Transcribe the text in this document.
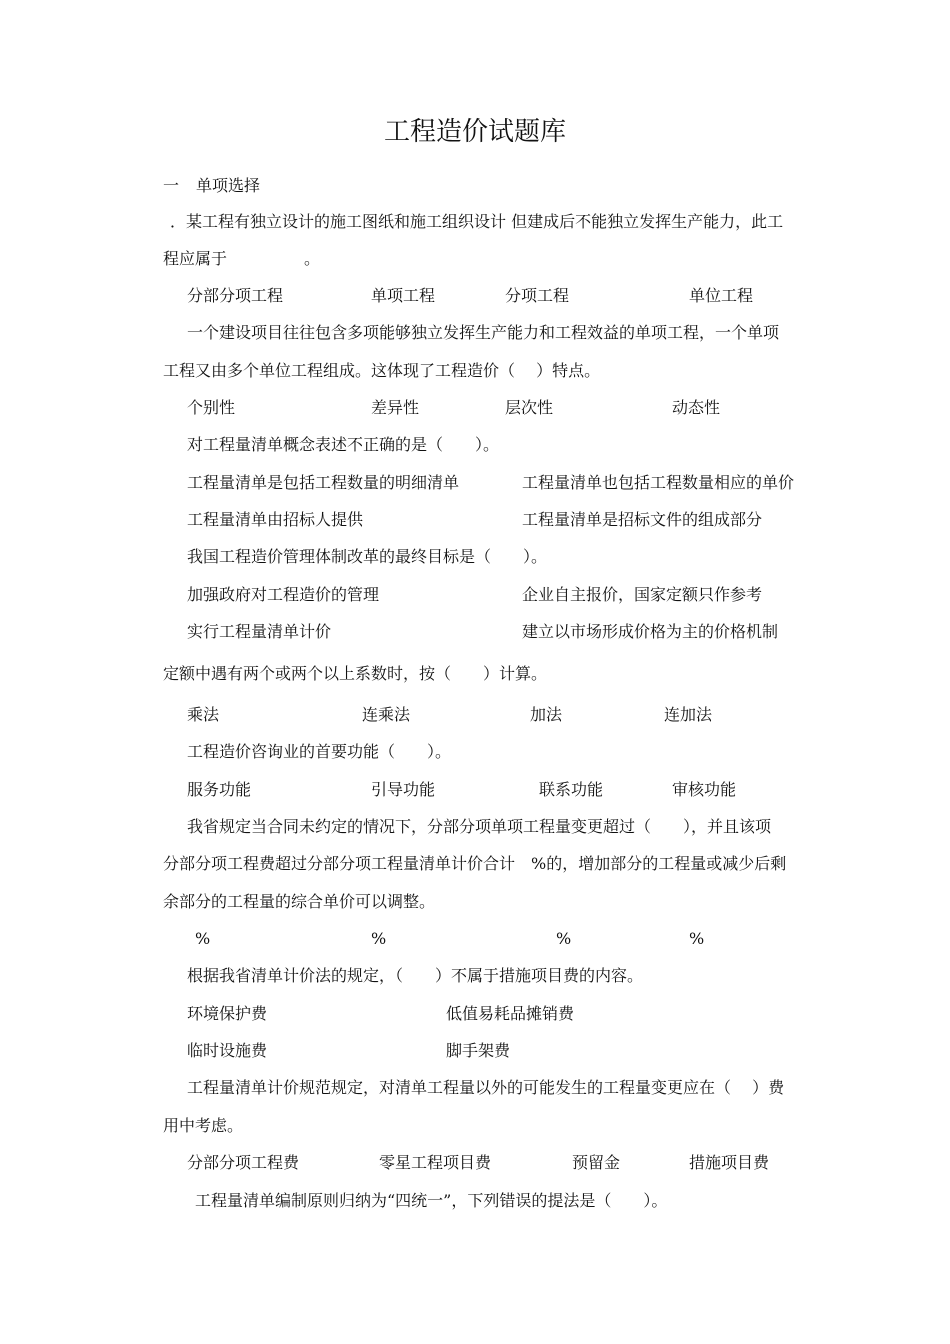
工程造价试题库
一 单项选择
．某工程有独立设计的施工图纸和施工组织设计 但建成后不能独立发挥生产能力，此工
程应属于	。
分部分项工程	单项工程	分项工程	单位工程
一个建设项目往往包含多项能够独立发挥生产能力和工程效益的单项工程，一个单项
工程又由多个单位工程组成。这体现了工程造价（　 ）特点。
个别性	差异性	层次性	动态性
对工程量清单概念表述不正确的是（　　）。
工程量清单是包括工程数量的明细清单	工程量清单也包括工程数量相应的单价
工程量清单由招标人提供	工程量清单是招标文件的组成部分
我国工程造价管理体制改革的最终目标是（　　）。
加强政府对工程造价的管理	企业自主报价，国家定额只作参考
实行工程量清单计价	建立以市场形成价格为主的价格机制
定额中遇有两个或两个以上系数时，按（　　）计算。
乘法	连乘法	加法	连加法
工程造价咨询业的首要功能（　　）。
服务功能	引导功能	联系功能	审核功能
我省规定当合同未约定的情况下，分部分项单项工程量变更超过（　　），并且该项
分部分项工程费超过分部分项工程量清单计价合计　%的，增加部分的工程量或减少后剩
余部分的工程量的综合单价可以调整。
%	%	%	%
根据我省清单计价法的规定，（　　）不属于措施项目费的内容。
环境保护费	低值易耗品摊销费
临时设施费	脚手架费
工程量清单计价规范规定，对清单工程量以外的可能发生的工程量变更应在（　 ）费
用中考虑。
分部分项工程费	零星工程项目费	预留金	措施项目费
工程量清单编制原则归纳为“四统一”，下列错误的提法是（　　）。
